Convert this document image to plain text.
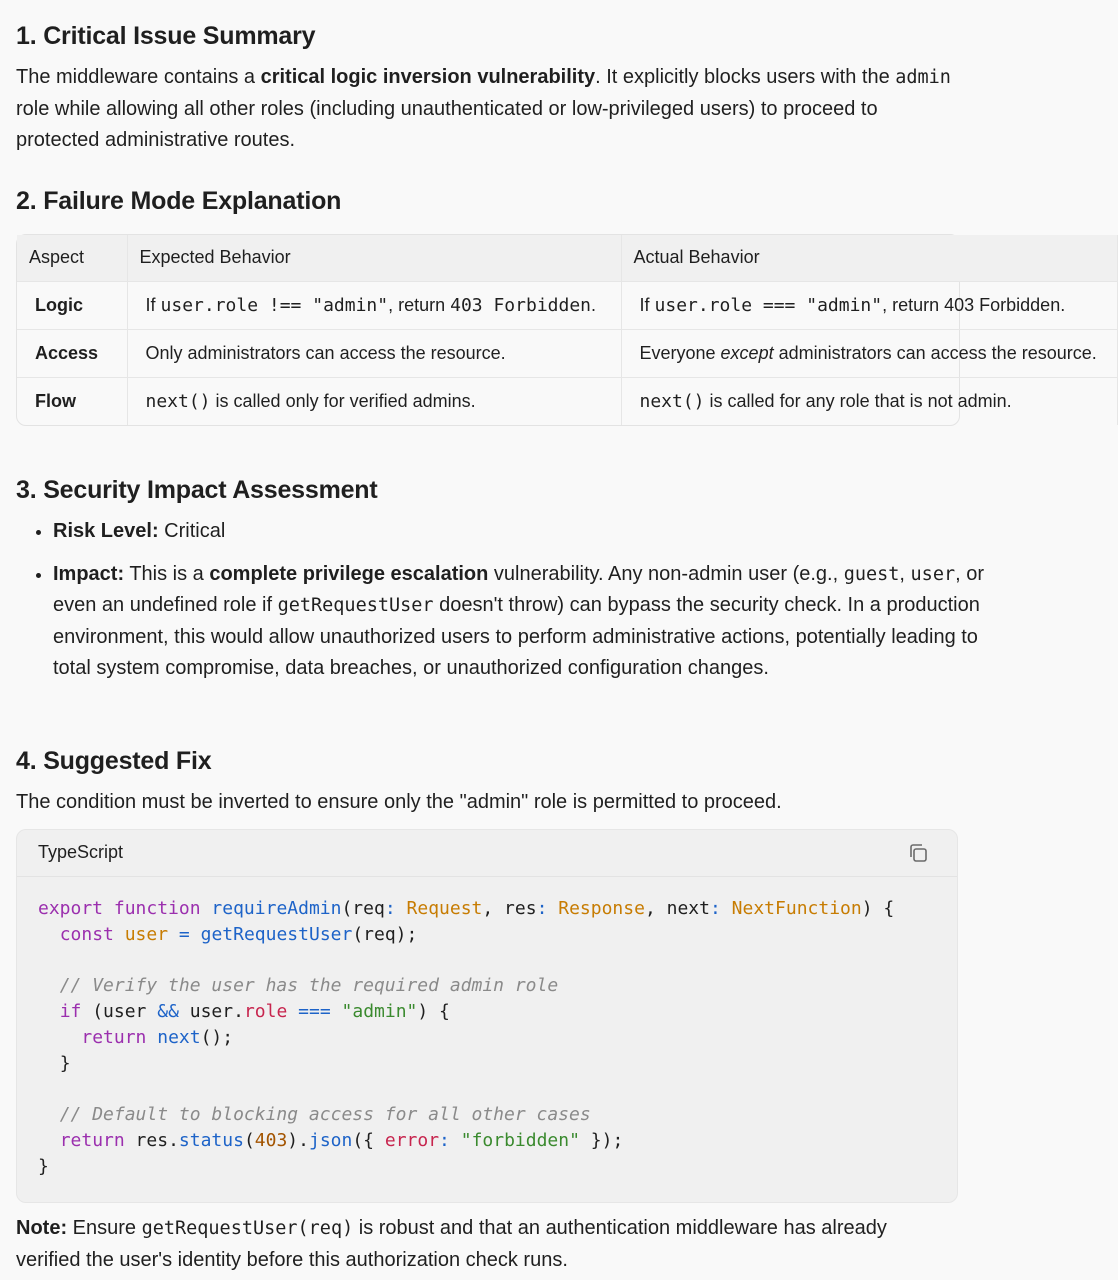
1. Critical Issue Summary

The middleware contains a critical logic inversion vulnerability. It explicitly blocks users with the admin role while allowing all other roles (including unauthenticated or low-privileged users) to proceed to protected administrative routes.

2. Failure Mode Explanation
Aspect	Expected Behavior	Actual Behavior
Logic	If user.role !== "admin", return 403 Forbidden.	If user.role === "admin", return 403 Forbidden.
Access	Only administrators can access the resource.	Everyone except administrators can access the resource.
Flow	next() is called only for verified admins.	next() is called for any role that is not admin.
3. Security Impact Assessment
• Risk Level: Critical
• Impact: This is a complete privilege escalation vulnerability. Any non-admin user (e.g., guest, user, or even an undefined role if getRequestUser doesn't throw) can bypass the security check. In a production environment, this would allow unauthorized users to perform administrative actions, potentially leading to total system compromise, data breaches, or unauthorized configuration changes.
4. Suggested Fix

The condition must be inverted to ensure only the "admin" role is permitted to proceed.

TypeScript
export function requireAdmin(req: Request, res: Response, next: NextFunction) {
const user = getRequestUser(req);

// Verify the user has the required admin role
if (user && user.role === "admin") {
return next();
}

// Default to blocking access for all other cases
return res.status(403).json({ error: "forbidden" });
}

Note: Ensure getRequestUser(req) is robust and that an authentication middleware has already verified the user's identity before this authorization check runs.
